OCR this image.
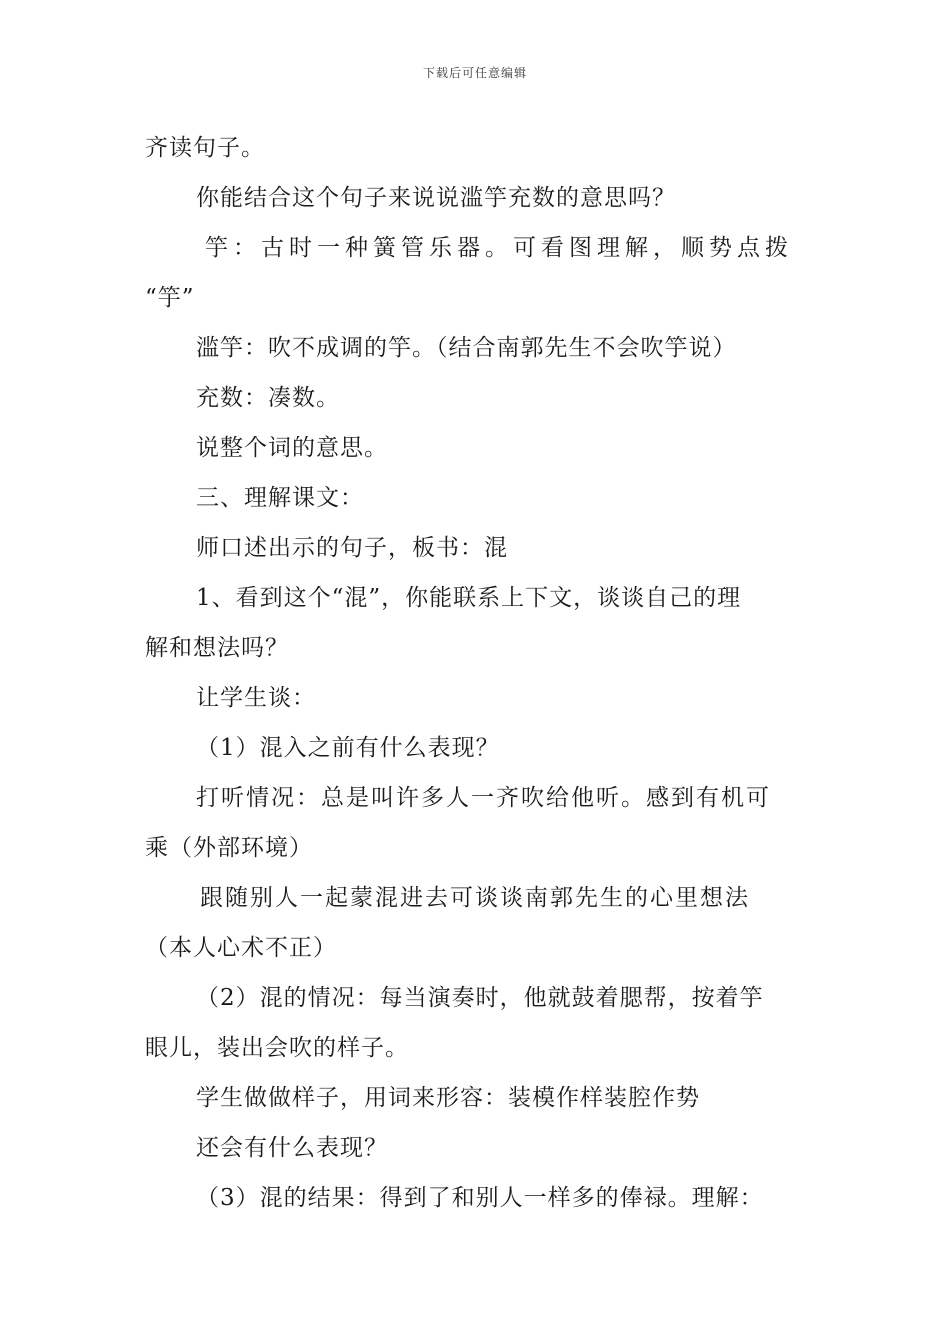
下载后可任意编辑
齐读句子。
你能结合这个句子来说说滥竽充数的意思吗？
竽：古时一种簧管乐器。可看图理解，顺势点拨
“竽”
滥竽：吹不成调的竽。（结合南郭先生不会吹竽说）
充数：凑数。
说整个词的意思。
三、理解课文：
师口述出示的句子，板书：混
1、看到这个“混”，你能联系上下文，谈谈自己的理
解和想法吗？
让学生谈：
（1）混入之前有什么表现？
打听情况：总是叫许多人一齐吹给他听。感到有机可
乘（外部环境）
跟随别人一起蒙混进去可谈谈南郭先生的心里想法
（本人心术不正）
（2）混的情况：每当演奏时，他就鼓着腮帮，按着竽
眼儿，装出会吹的样子。
学生做做样子，用词来形容：装模作样装腔作势
还会有什么表现？
（3）混的结果：得到了和别人一样多的俸禄。理解：
